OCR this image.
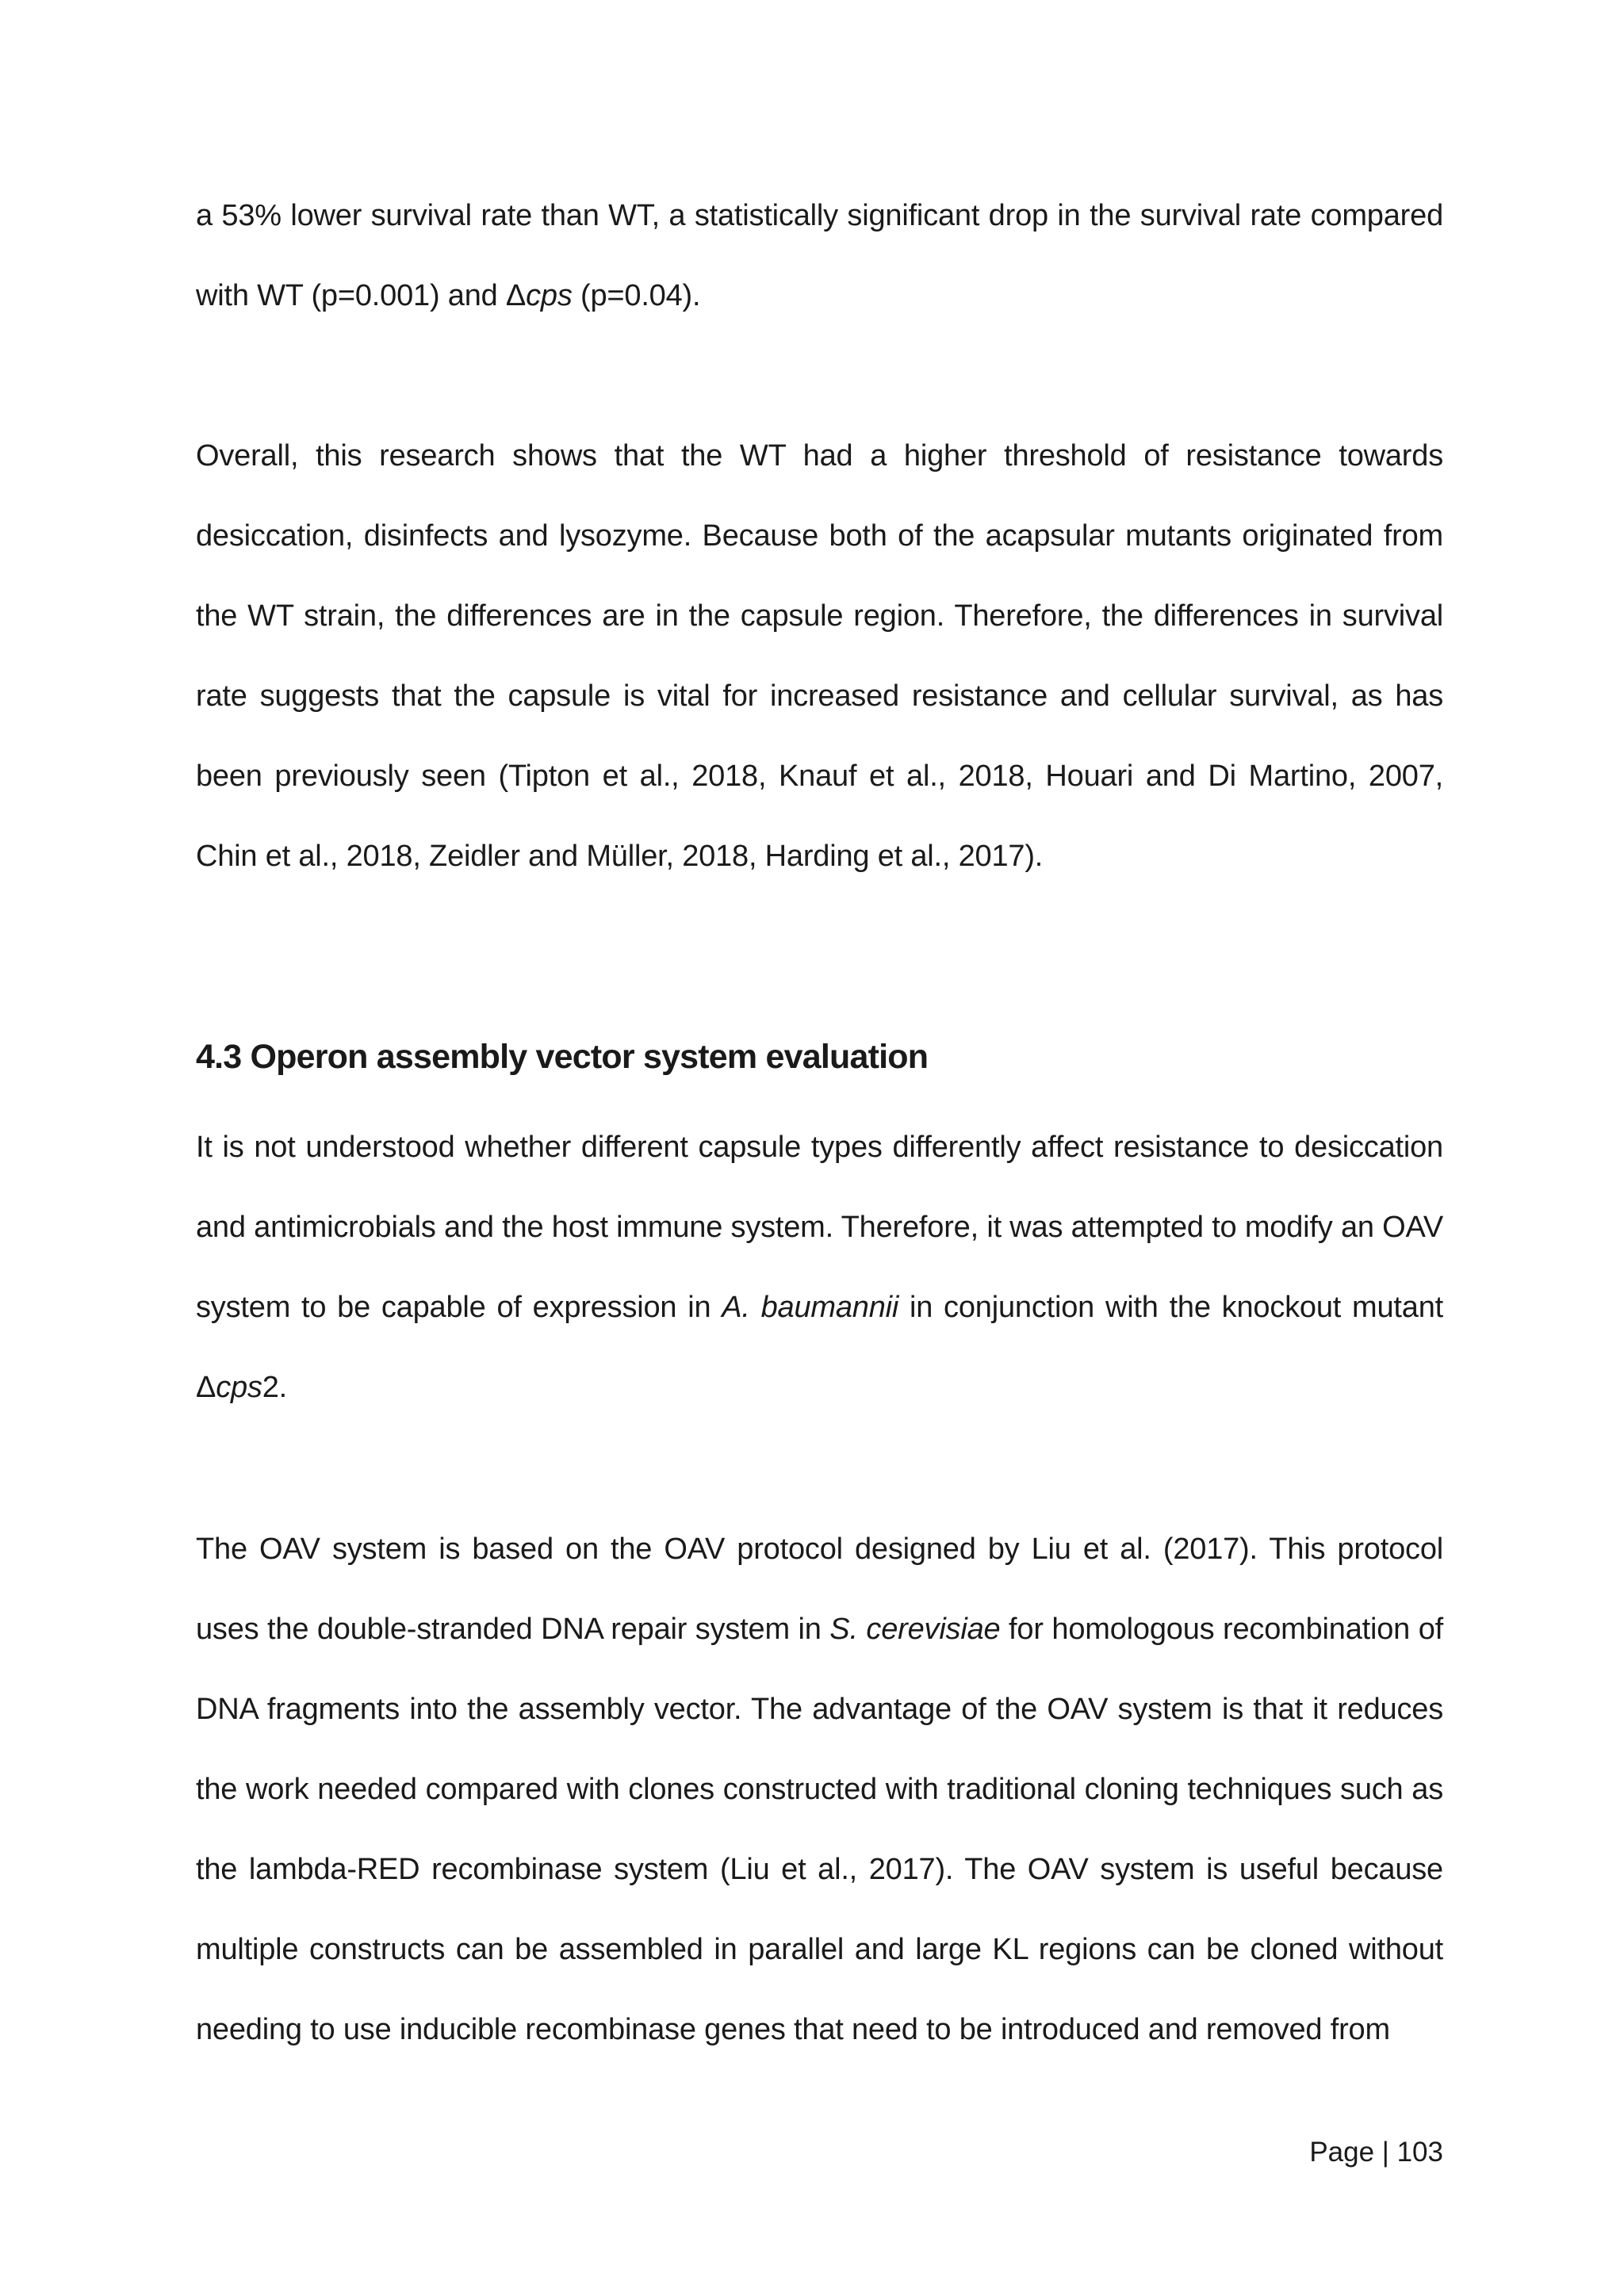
a 53% lower survival rate than WT, a statistically significant drop in the survival rate compared with WT (p=0.001) and Δcps (p=0.04).

Overall, this research shows that the WT had a higher threshold of resistance towards desiccation, disinfects and lysozyme. Because both of the acapsular mutants originated from the WT strain, the differences are in the capsule region. Therefore, the differences in survival rate suggests that the capsule is vital for increased resistance and cellular survival, as has been previously seen (Tipton et al., 2018, Knauf et al., 2018, Houari and Di Martino, 2007, Chin et al., 2018, Zeidler and Müller, 2018, Harding et al., 2017).

4.3 Operon assembly vector system evaluation

It is not understood whether different capsule types differently affect resistance to desiccation and antimicrobials and the host immune system. Therefore, it was attempted to modify an OAV system to be capable of expression in A. baumannii in conjunction with the knockout mutant Δcps2.

The OAV system is based on the OAV protocol designed by Liu et al. (2017). This protocol uses the double-stranded DNA repair system in S. cerevisiae for homologous recombination of DNA fragments into the assembly vector. The advantage of the OAV system is that it reduces the work needed compared with clones constructed with traditional cloning techniques such as the lambda-RED recombinase system (Liu et al., 2017). The OAV system is useful because multiple constructs can be assembled in parallel and large KL regions can be cloned without needing to use inducible recombinase genes that need to be introduced and removed from

Page | 103
